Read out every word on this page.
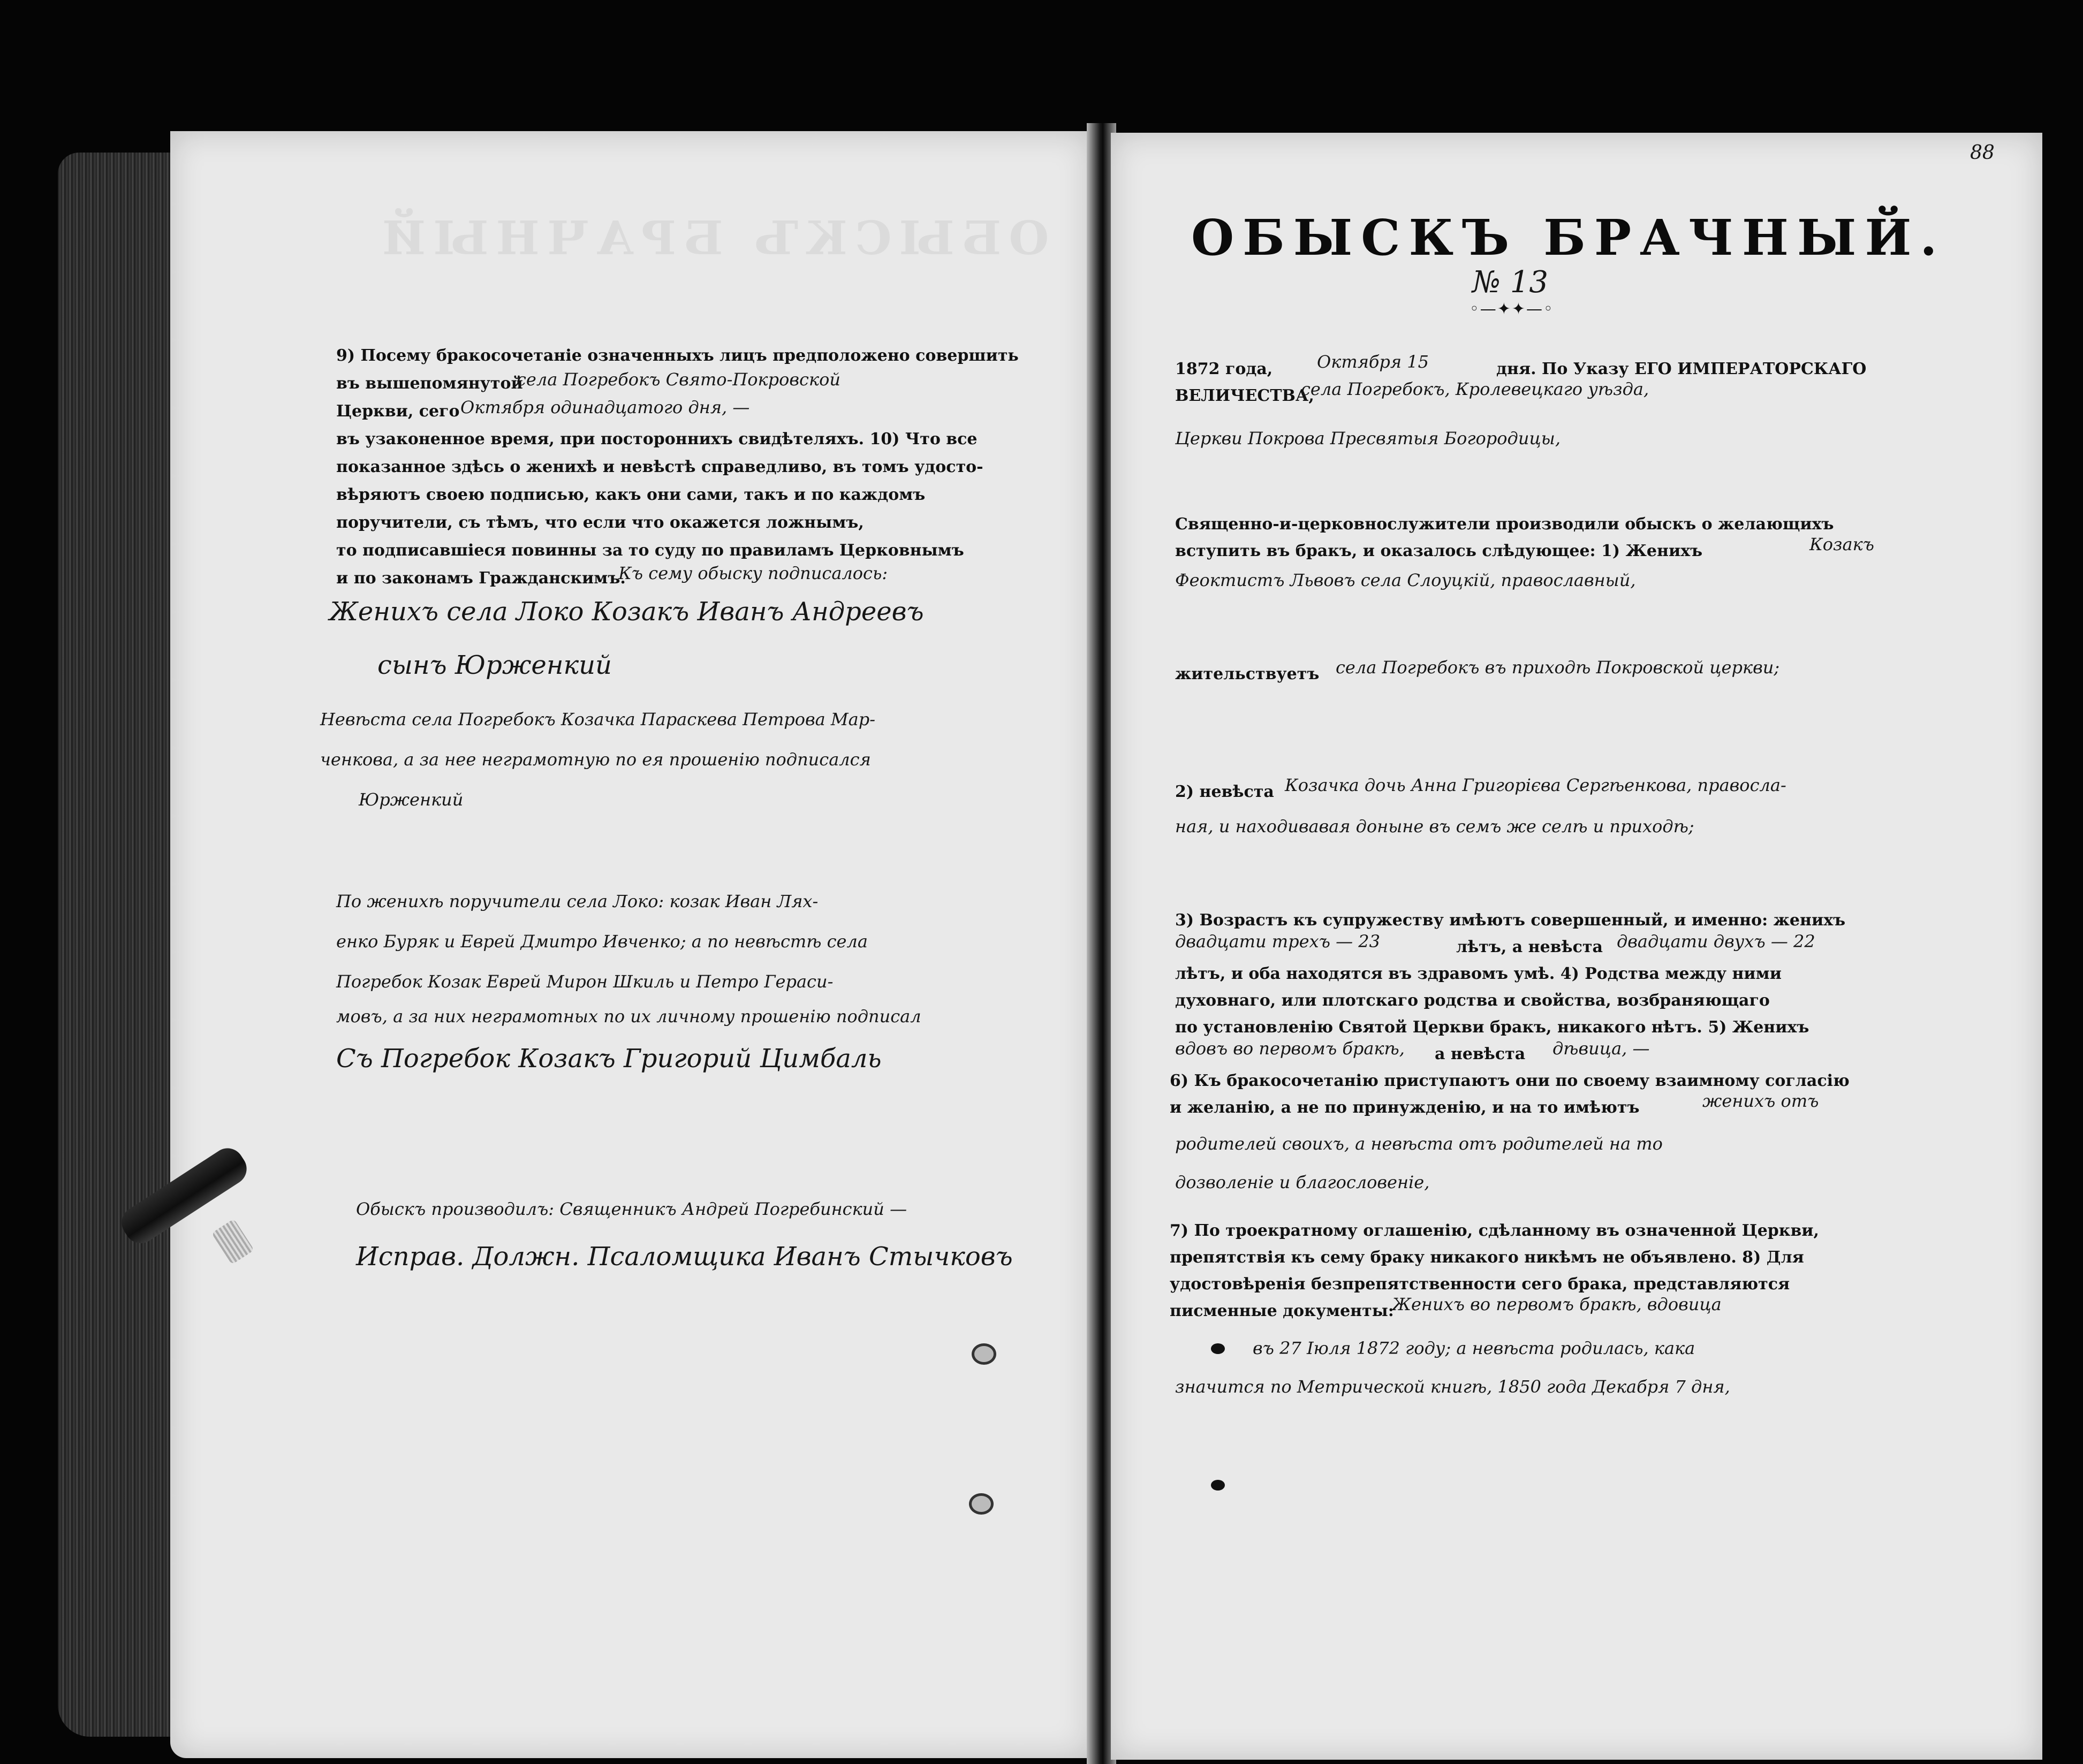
ОБЫСКЪ БРАЧНЫЙ
9) Посему бракосочетаніе означенныхъ лицъ предположено совершить
въ вышепомянутой
села Погребокъ Свято-Покровской
Церкви, сего Октября одинадцатого дня, —
въ узаконенное время, при постороннихъ свидѣтеляхъ. 10) Что все
показанное здѣсь о женихѣ и невѣстѣ справедливо, въ томъ удосто-
вѣряютъ своею подписью, какъ они сами, такъ и по каждомъ
поручители, съ тѣмъ, что если что окажется ложнымъ,
то подписавшіеся повинны за то суду по правиламъ Церковнымъ
и по законамъ Гражданскимъ.
Къ сему обыску подписалось:
Женихъ села Локо Козакъ Иванъ Андреевъ
сынъ Юрженкий
Невѣста села Погребокъ Козачка Параскева Петрова Мар-
ченкова, а за нее неграмотную по ея прошенію подписался
Юрженкий
По женихѣ поручители села Локо: козак Иван Лях-
енко Буряк и Еврей Дмитро Ивченко; а по невѣстѣ села
Погребок Козак Еврей Мирон Шкиль и Петро Гераси-
мовъ, а за них неграмотных по их личному прошенію подписал
Съ Погребок Козакъ Григорий Цимбаль
Обыскъ производилъ: Священникъ Андрей Погребинский —
Исправ. Должн. Псаломщика Иванъ Стычковъ
88
ОБЫСКЪ БРАЧНЫЙ.
№ 13
◦—✦✦—◦
1872 года,	Октября 15	дня. По Указу ЕГО ИМПЕРАТОРСКАГО
ВЕЛИЧЕСТВА,
села Погребокъ, Кролевецкаго уѣзда,
Церкви Покрова Пресвятыя Богородицы,
Священно-и-церковнослужители производили обыскъ о желающихъ
вступить въ бракъ, и оказалось слѣдующее: 1) Женихъ	Козакъ
Феоктистъ Львовъ села Слоуцкій, православный,
жительствуетъ села Погребокъ въ приходѣ Покровской церкви;
2) невѣста Козачка дочь Анна Григорієва Сергѣенкова, правосла-
ная, и находивавая доныне въ семъ же селѣ и приходѣ;
3) Возрастъ къ супружеству имѣютъ совершенный, и именно: женихъ
двадцати трехъ — 23	лѣтъ, а невѣста двадцати двухъ — 22
лѣтъ, и оба находятся въ здравомъ умѣ. 4) Родства между ними
духовнаго, или плотскаго родства и свойства, возбраняющаго
по установленію Святой Церкви бракъ, никакого нѣтъ. 5) Женихъ
вдовъ во первомъ бракѣ, а невѣста дѣвица, —
6) Къ бракосочетанію приступаютъ они по своему взаимному согласію
и желанію, а не по принужденію, и на то имѣютъ	женихъ отъ
родителей своихъ, а невѣста отъ родителей на то
дозволеніе и благословеніе,
7) По троекратному оглашенію, сдѣланному въ означенной Церкви,
препятствія къ сему браку никакого никѣмъ не объявлено. 8) Для
удостовѣренія безпрепятственности сего брака, представляются
писменные документы:
Женихъ во первомъ бракѣ, вдовица
въ 27 Іюля 1872 году; а невѣста родилась, кака
значится по Метрической книгѣ, 1850 года Декабря 7 дня,
